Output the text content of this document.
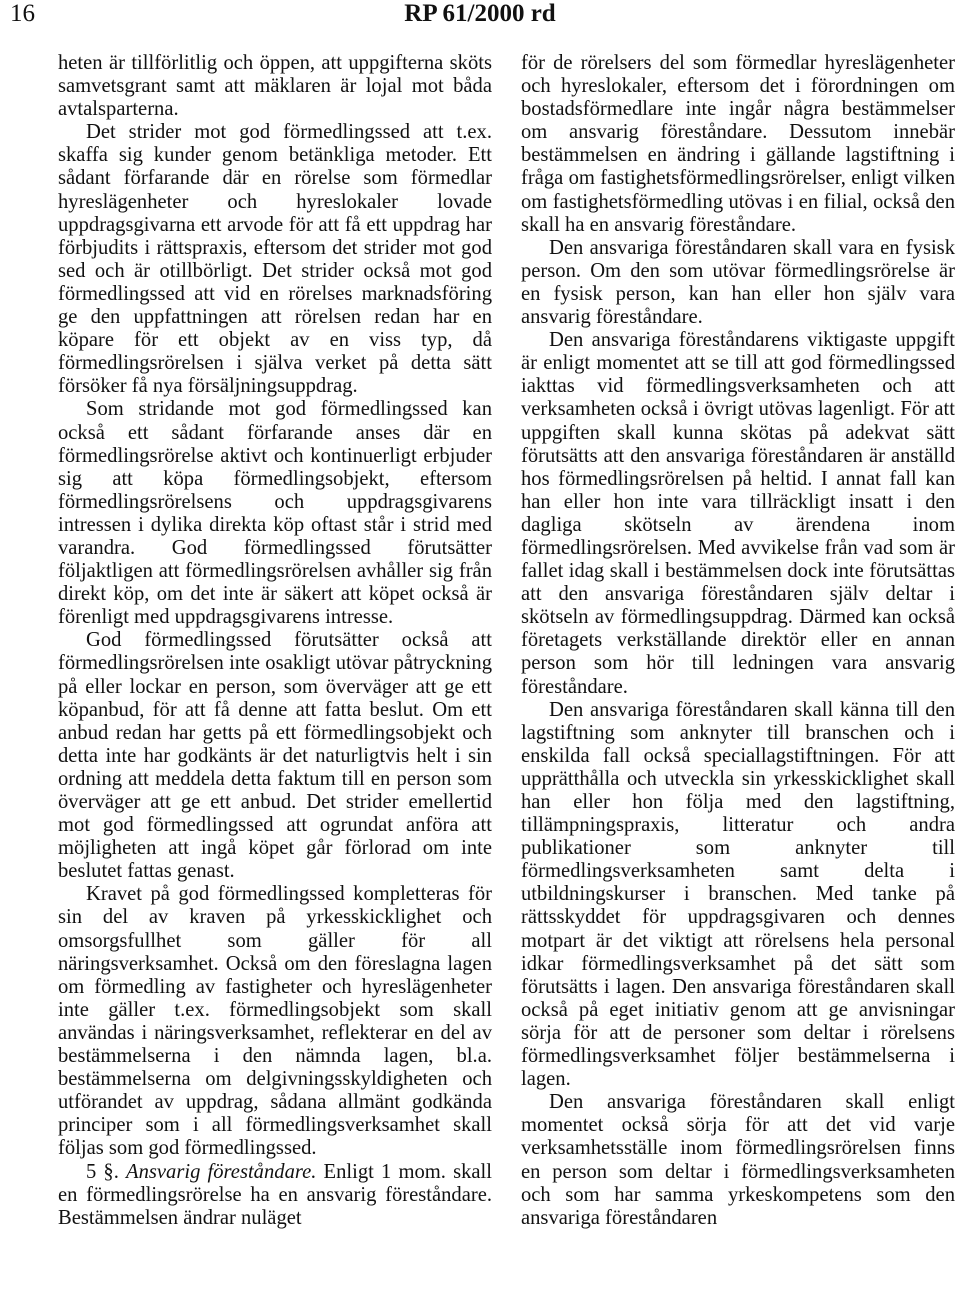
16	RP 61/2000 rd

heten är tillförlitlig och öppen, att uppgifterna sköts samvetsgrant samt att mäklaren är lojal mot båda avtalsparterna.

Det strider mot god förmedlingssed att t.ex. skaffa sig kunder genom betänkliga metoder. Ett sådant förfarande där en rörelse som förmedlar hyreslägenheter och hyreslokaler lovade uppdragsgivarna ett arvode för att få ett uppdrag har förbjudits i rättspraxis, eftersom det strider mot god sed och är otillbörligt. Det strider också mot god förmedlingssed att vid en rörelses marknadsföring ge den uppfattningen att rörelsen redan har en köpare för ett objekt av en viss typ, då förmedlingsrörelsen i själva verket på detta sätt försöker få nya försäljningsuppdrag.

Som stridande mot god förmedlingssed kan också ett sådant förfarande anses där en förmedlingsrörelse aktivt och kontinuerligt erbjuder sig att köpa förmedlingsobjekt, eftersom förmedlingsrörelsens och uppdragsgivarens intressen i dylika direkta köp oftast står i strid med varandra. God förmedlingssed förutsätter följaktligen att förmedlingsrörelsen avhåller sig från direkt köp, om det inte är säkert att köpet också är förenligt med uppdragsgivarens intresse.

God förmedlingssed förutsätter också att förmedlingsrörelsen inte osakligt utövar påtryckning på eller lockar en person, som överväger att ge ett köpanbud, för att få denne att fatta beslut. Om ett anbud redan har getts på ett förmedlingsobjekt och detta inte har godkänts är det naturligtvis helt i sin ordning att meddela detta faktum till en person som överväger att ge ett anbud. Det strider emellertid mot god förmedlingssed att ogrundat anföra att möjligheten att ingå köpet går förlorad om inte beslutet fattas genast.

Kravet på god förmedlingssed kompletteras för sin del av kraven på yrkesskicklighet och omsorgsfullhet som gäller för all näringsverksamhet. Också om den föreslagna lagen om förmedling av fastigheter och hyreslägenheter inte gäller t.ex. förmedlingsobjekt som skall användas i näringsverksamhet, reflekterar en del av bestämmelserna i den nämnda lagen, bl.a. bestämmelserna om delgivningsskyldigheten och utförandet av uppdrag, sådana allmänt godkända principer som i all förmedlingsverksamhet skall följas som god förmedlingssed.

5 §. Ansvarig föreståndare. Enligt 1 mom. skall en förmedlingsrörelse ha en ansvarig föreståndare. Bestämmelsen ändrar nuläget

för de rörelsers del som förmedlar hyreslägenheter och hyreslokaler, eftersom det i förordningen om bostadsförmedlare inte ingår några bestämmelser om ansvarig föreståndare. Dessutom innebär bestämmelsen en ändring i gällande lagstiftning i fråga om fastighetsförmedlingsrörelser, enligt vilken om fastighetsförmedling utövas i en filial, också den skall ha en ansvarig föreståndare.

Den ansvariga föreståndaren skall vara en fysisk person. Om den som utövar förmedlingsrörelse är en fysisk person, kan han eller hon själv vara ansvarig föreståndare.

Den ansvariga föreståndarens viktigaste uppgift är enligt momentet att se till att god förmedlingssed iakttas vid förmedlingsverksamheten och att verksamheten också i övrigt utövas lagenligt. För att uppgiften skall kunna skötas på adekvat sätt förutsätts att den ansvariga föreståndaren är anställd hos förmedlingsrörelsen på heltid. I annat fall kan han eller hon inte vara tillräckligt insatt i den dagliga skötseln av ärendena inom förmedlingsrörelsen. Med avvikelse från vad som är fallet idag skall i bestämmelsen dock inte förutsättas att den ansvariga föreståndaren själv deltar i skötseln av förmedlingsuppdrag. Därmed kan också företagets verkställande direktör eller en annan person som hör till ledningen vara ansvarig föreståndare.

Den ansvariga föreståndaren skall känna till den lagstiftning som anknyter till branschen och i enskilda fall också speciallagstiftningen. För att upprätthålla och utveckla sin yrkesskicklighet skall han eller hon följa med den lagstiftning, tillämpningspraxis, litteratur och andra publikationer som anknyter till förmedlingsverksamheten samt delta i utbildningskurser i branschen. Med tanke på rättsskyddet för uppdragsgivaren och dennes motpart är det viktigt att rörelsens hela personal idkar förmedlingsverksamhet på det sätt som förutsätts i lagen. Den ansvariga föreståndaren skall också på eget initiativ genom att ge anvisningar sörja för att de personer som deltar i rörelsens förmedlingsverksamhet följer bestämmelserna i lagen.

Den ansvariga föreståndaren skall enligt momentet också sörja för att det vid varje verksamhetsställe inom förmedlingsrörelsen finns en person som deltar i förmedlingsverksamheten och som har samma yrkeskompetens som den ansvariga föreståndaren
